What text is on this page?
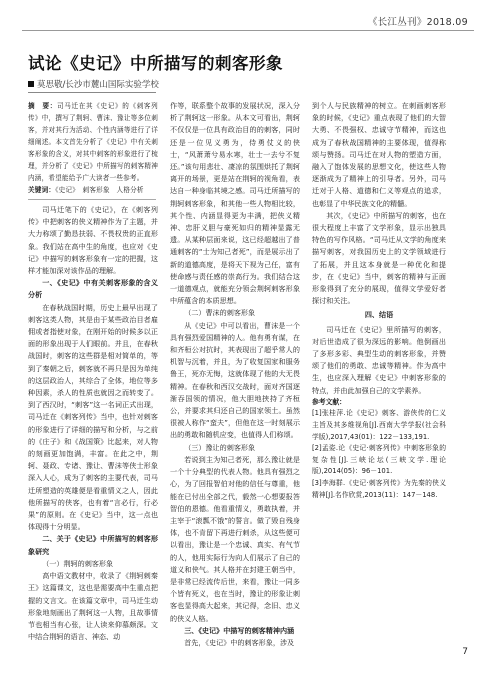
《长江丛刊》2018.09
试论《史记》中所描写的刺客形象
莫思敬/长沙市麓山国际实验学校

摘　要：司马迁在其《史记》的《刺客列传》中，撰写了荆轲、曹沫、豫让等多位刺客，并对其行为活动、个性内涵等进行了详细阐述。本文首先分析了《史记》中有关刺客形象的含义，对其中刺客的形象进行了梳理，并分析了《史记》中所描写的刺客精神内涵，希望能给予广大读者一些参考。

关键词：《史记》　刺客形象　人格分析

司马迁笔下的《史记》，在《刺客列传》中把刺客的侠义精神作为了主题，并大力称颂了勤恳扶弱、不畏权贵的正直形象。我们站在高中生的角度，也应对《史记》中描写的刺客形象有一定的把握，这样才能加深对该作品的理解。

一、《史记》中有关刺客形象的含义分析

在春秋战国时期，历史上最早出现了刺客这类人物，其是由于某些政治目者雇佣或者指使对象，在刚开始的时候多以正面的形象出现于人们眼前。并且，在春秋战国时，刺客的这些群是相对简单的，等到了秦朝之后，刺客就不再只是因为单纯的这层政治人，其综合了全体，地位等多种因素，杀人的性质也就因之而转变了。到了西汉时，“刺客”这一名词正式出现，司马迁在《刺客列传》当中，也针对刺客的形象进行了详细的描写和分析，与之前的《庄子》和《战国策》比起来，对人物的刻画更加饱满，丰富。在此之中，荆轲、聂政、专诸、豫让、曹沫等侠士形象深入人心，成为了刺客的主要代表，司马迁所塑造的英雄便是看重情义之人，因此他所描写的侠客，也有着“言必行，行必果”的原则。在《史记》当中，这一点也体现得十分明显。

二、关于《史记》中所描写的刺客形象研究

（一）荆轲的刺客形象

高中语文教材中，收录了《荆轲刺秦王》这篇课文，这也是需要高中生重点把握的文言文。在该篇文章中，司马迁生动形象地刻画出了荆轲这一人物，且故事情节也相当有心张，让人读来仰慕颇深。文中结合荆轲的语言、神态、动

作等，联系整个故事的发展状况，深入分析了荆轲这一形象。从本文可看出，荆轲不仅仅是一位具有政治目的的刺客，同时还是一位见义勇为，侍勇仗义的侠士，“风萧萧兮易水寒，壮士一去兮不复还。”该句用悲壮、凄凉的氛围烘托了荆轲离开的场景，更是站在荆轲的视角看，表达自一种身临其境之感。司马迁所描写的荆轲刺客形象，和其他一些人物相比较，其个性、内涵显得更为丰满，把侠义精神、忠肝义胆与豪死如归的精神显露无遗。从某种层面来说，这已经超越出了普通刺客的“士为知己者死”，而是展示出了新的道德高度，是将天下视为己任，富有使命感与责任感的崇高行为。我们结合这一道德观点，就能充分领会荆轲刺客形象中所蕴含的本质思想。

（二）曹沫的刺客形象

从《史记》中可以看出，曹沫是一个具有强烈爱国精神的人。他有勇有谋，在和齐桓公对抗时，其表现出了超乎常人的机智与沉着，并且，为了收复国家和服务鲁王，死亦无悔，这就体现了他的大无畏精神。在春秋和西汉交战时，面对齐国逐渐吞国领的情况，他大胆地挟持了齐桓公，并要求其归还自己的国家领土。虽然很被人称作“蛮夫”，但他在这一时刻展示出的勇敢和随机应变，也值得人们称颂。

（三）豫让的刺客形象

若说到主为知己者死，那么豫让就是一个十分典型的代表人物。他具有强烈之心，为了回报智伯对他的信任与尊重，他能在已付出全部之代，毅然一心想要报答智伯的恩德。他看重情义，勇敢执着，并主宰于“滚瓢不饿”的誓言。做了毁自残身体，也不肯留下再进行刺杀，从这些便可以看出，豫让是一个忠诚、真实、有气节的人，他用实际行为向人们展示了自己的道义和侠气。其人格并在封建王朝当中，是非常已经流传后世，来看，豫让一同多个皆有死义，也在当时，豫让的形象让刺客也显得高大起来，其记得，念旧、忠义的侠义人格。

三、《史记》中描写的刺客精神内涵

首先，《史记》中的刺客形象，涉及

到个人与民族精神的树立。在刺画刺客形象的时候，《史记》重点表现了他们的大智大勇、不畏强权、忠诚守节精神，而这也成为了春秋战国精神的主要体现，值得称颂与赞扬。司马迁在对人物的塑造方面，融入了饱体发展的思想文化，使这些人物逐渐成为了精神上的引导者。另外，司马迁对于人格、道德和仁义等观点的追求，也彰显了中华民族文化的精髓。

其次，《史记》中所描写的刺客，也在很大程度上丰富了文学形象，显示出独具特色的写作风格。“司马迁从文学的角度来描写刺客，对我国历史上的文学领域进行了拓展，并且这本身就是一种优化和提步，在《史记》当中，刺客的精神与正面形象得到了充分的展现，值得文学爱好者探讨和关注。

四、结语

司马迁在《史记》里所描写的刺客，对后世造成了很为深远的影响。他倒画出了多形多彩、典型生动的刺客形象，并赞颂了他们的勇敢、忠诚等精神。作为高中生，也应深入理解《史记》中刺客形象的特点，并由此加强自己的文学素养。

参考文献：
[1]张桂萍.论《史记》刺客、游侠传的仁义主旨及其多维视角[J].西南大学学报(社会科学版),2017,43(01)：122－133,191.
[2]孟姿.论《史记·刺客列传》中刺客形象的复杂性[J].三峡论坛(三峡文学.理论版),2014(05)：96－101.
[3]李海群.《史记·刺客列传》为先秦的侠义精神[J].名作欣赏,2013(11)：147－148.
7
